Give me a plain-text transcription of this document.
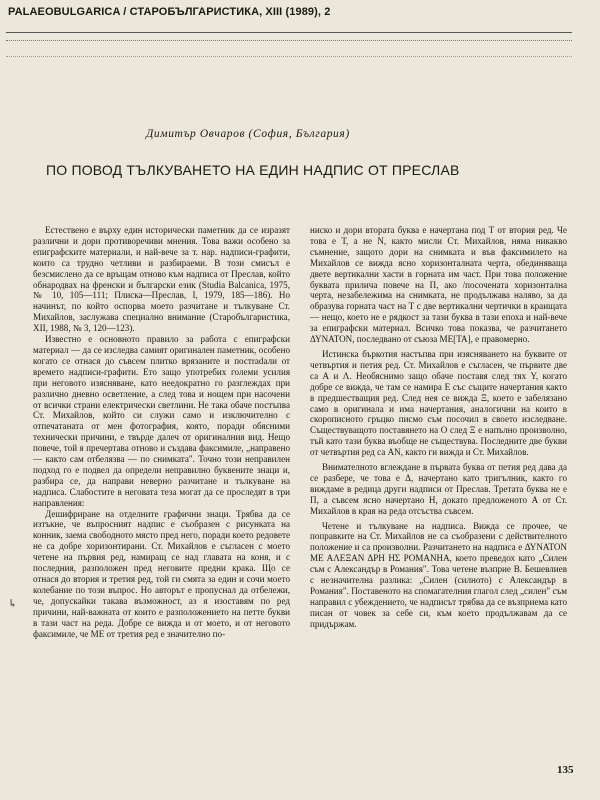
PALAEOBULGARICA / СТАРОБЪЛГАРИСТИКА, XIII (1989), 2
Димитър Овчаров (София, България)
ПО ПОВОД ТЪЛКУВАНЕТО НА ЕДИН НАДПИС ОТ ПРЕСЛАВ
↳

Естествено е върху един исторически паметник да се изразят различни и дори противоречиви мнения. Това важи особено за епиграфските материали, и най-вече за т. нар. надписи-графити, които са трудно четливи и разбираеми. В този смисъл е безсмислено да се връщам отново към надписа от Преслав, който обнародвах на френски и български език (Studia Balcanica, 1975, № 10, 105—111; Плиска—Преслав, I, 1979, 185—186). Но начинът, по който оспорва моето разчитане и тълкуване Ст. Михайлов, заслужава специално внимание (Старобългаристика, XII, 1988, № 3, 120—123).

Известно е основното правило за работа с епиграфски материал — да се изследва самият оригинален паметник, особено когато се отнася до съвсем плитко врязаните и постradали от времето надписи-графити. Ето защо употребих големи усилия при неговото изясняване, като неедократно го разглеждах при различно дневно осветление, а след това и нощем при насочени от всички страни електрически светлини. Не така обаче постъпва Ст. Михайлов, който си служи само и изключително с отпечатаната от мен фотография, която, поради обясними технически причини, е твърде далеч от оригиналния вид. Нещо повече, той я пречертава отново и създава факсимиле, „направено — както сам отбелязва — по снимката". Точно този неправилен подход го е подвел да определи неправилно буквените знаци и, разбира се, да направи неверно разчитане и тълкуване на надписа. Слабостите в неговата теза могат да се проследят в три направления:

Дешифриране на отделните графични знаци. Трябва да се изтъкне, че въпросният надпис е съобразен с рисунката на конник, заема свободното място пред него, поради което редовете не са добре хоризонтирани. Ст. Михайлов е съгласен с моето четене на първия ред, намиращ се над главата на коня, и с последния, разположен пред неговите предни крака. Що се отнася до втория и третия ред, той ги смята за един и сочи моето колебание по този въпрос. Но авторът е пропуснал да отбележи, че, допускайки такава възможност, аз я изоставям по ред причини, най-важната от които е разположението на петте букви в тази част на реда. Добре се вижда и от моето, и от неговото факсимиле, че МЕ от третия ред е значително по-

ниско и дори втората буква е начертана под Т от втория ред. Че това е Т, а не N, както мисли Ст. Михайлов, няма никакво съмнение, защото дори на снимката и във факсимилето на Михайлов се вижда ясно хоризонталната черта, обединяваща двете вертикални хасти в горната им част. При това положение буквата прилича повече на П, ако /посочената хоризонтална черта, незабележима на снимката, не продължава наляво, за да образува горната част на Т с две вертикални чертички в краищата — нещо, което не е рядкост за тази буква в тази епоха и най-вече за епиграфски материал. Всичко това показва, че разчитането ΔΥΝΑΤΟΝ, последвано от съюза ΜΕ[ΤΑ], е правомерно.

Истинска бъркотия настъпва при изясняването на буквите от четвъртия и петия ред. Ст. Михайлов е съгласен, че първите две са А и Λ. Необяснимо защо обаче поставя след тях Υ, когато добре се вижда, че там се намира Е със същите начертания както в предшестващия ред. След нея се вижда Ξ, което е забелязано само в оригинала и има начертания, аналогични на които в скорописното гръцко писмо съм посочил в своето изследване. Съществуващото поставянето на О след Ξ е напълно произволно, тъй като тази буква въобще не съществува. Последните две букви от четвъртия ред са AN, както ги вижда и Ст. Михайлов.

Внимателното вглеждане в първата буква от петия ред дава да се разбере, че това е Δ, начертано като тригълник, както го виждаме в редица други надписи от Преслав. Третата буква не е П, а съвсем ясно начертано Н, докато предложеното А от Ст. Михайлов в края на реда отсъства съвсем.

Четене и тълкуване на надписа. Вижда се прочее, че поправките на Ст. Михайлов не са съобразени с действителното положение и са произволни. Разчитането на надписа е ΔΥΝΑΤΟΝ ΜΕ ΑΛΕΞΑΝ ΔΡΗ ΗΣ ΡΟΜΑΝΗΑ, което преведох като „Силен съм с Александър в Романия". Това четене възприе В. Бешевлиев с незначителна разлика: „Силен (силното) с Александър в Романия". Поставеното на спомагателния глагол след „силен" съм направил с убеждението, че надписът трябва да се възприема като писан от човек за себе си, към което продължавам да се придържам.

135
